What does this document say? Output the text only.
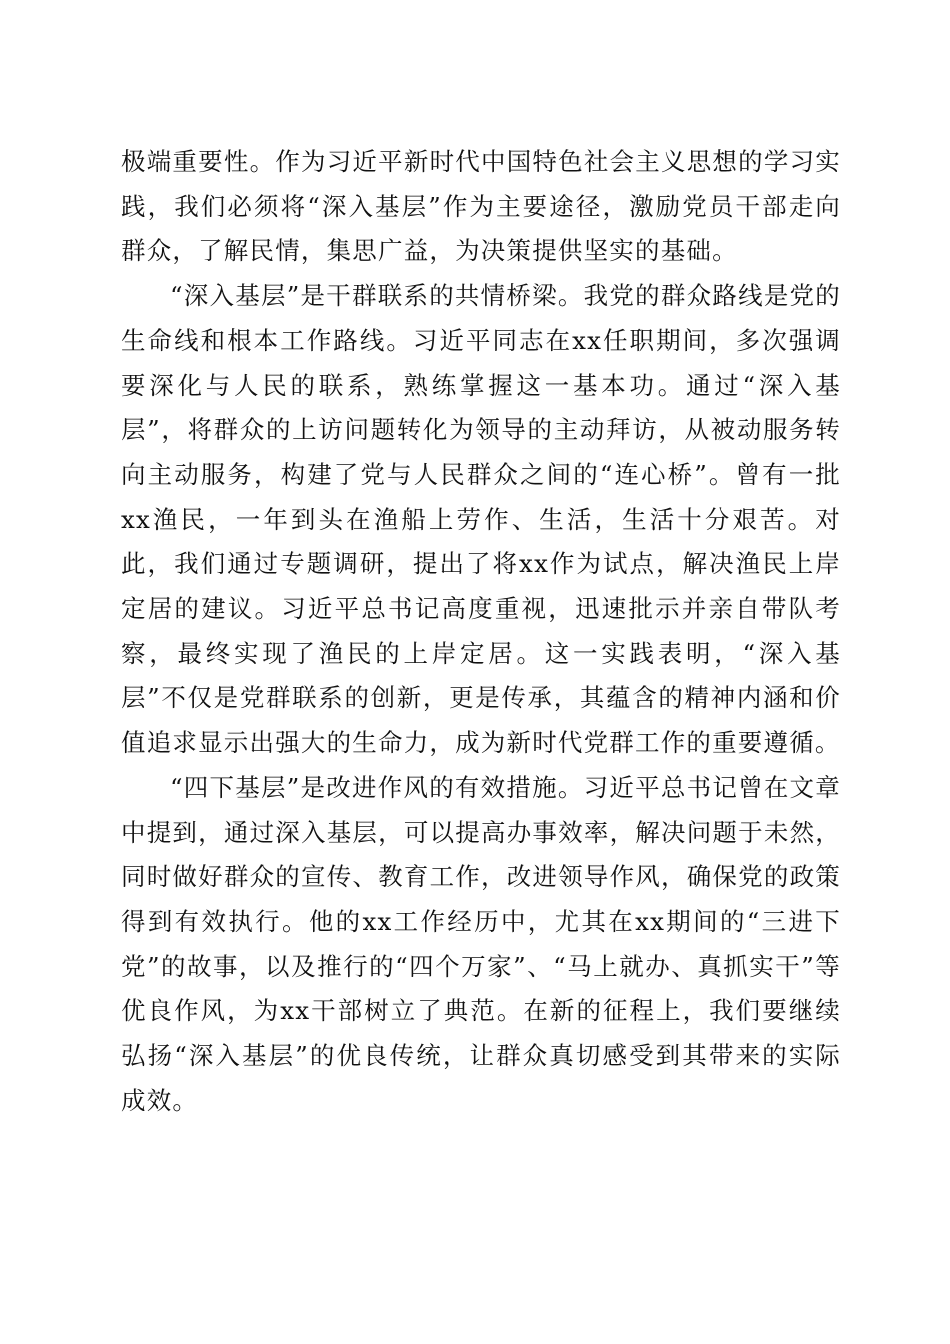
极端重要性。作为习近平新时代中国特色社会主义思想的学习实践，我们必须将“深入基层”作为主要途径，激励党员干部走向群众，了解民情，集思广益，为决策提供坚实的基础。

“深入基层”是干群联系的共情桥梁。我党的群众路线是党的生命线和根本工作路线。习近平同志在xx任职期间，多次强调要深化与人民的联系，熟练掌握这一基本功。通过“深入基层”，将群众的上访问题转化为领导的主动拜访，从被动服务转向主动服务，构建了党与人民群众之间的“连心桥”。曾有一批xx渔民，一年到头在渔船上劳作、生活，生活十分艰苦。对此，我们通过专题调研，提出了将xx作为试点，解决渔民上岸定居的建议。习近平总书记高度重视，迅速批示并亲自带队考察，最终实现了渔民的上岸定居。这一实践表明，“深入基层”不仅是党群联系的创新，更是传承，其蕴含的精神内涵和价值追求显示出强大的生命力，成为新时代党群工作的重要遵循。

“四下基层”是改进作风的有效措施。习近平总书记曾在文章中提到，通过深入基层，可以提高办事效率，解决问题于未然，同时做好群众的宣传、教育工作，改进领导作风，确保党的政策得到有效执行。他的xx工作经历中，尤其在xx期间的“三进下党”的故事，以及推行的“四个万家”、“马上就办、真抓实干”等优良作风，为xx干部树立了典范。在新的征程上，我们要继续弘扬“深入基层”的优良传统，让群众真切感受到其带来的实际成效。
